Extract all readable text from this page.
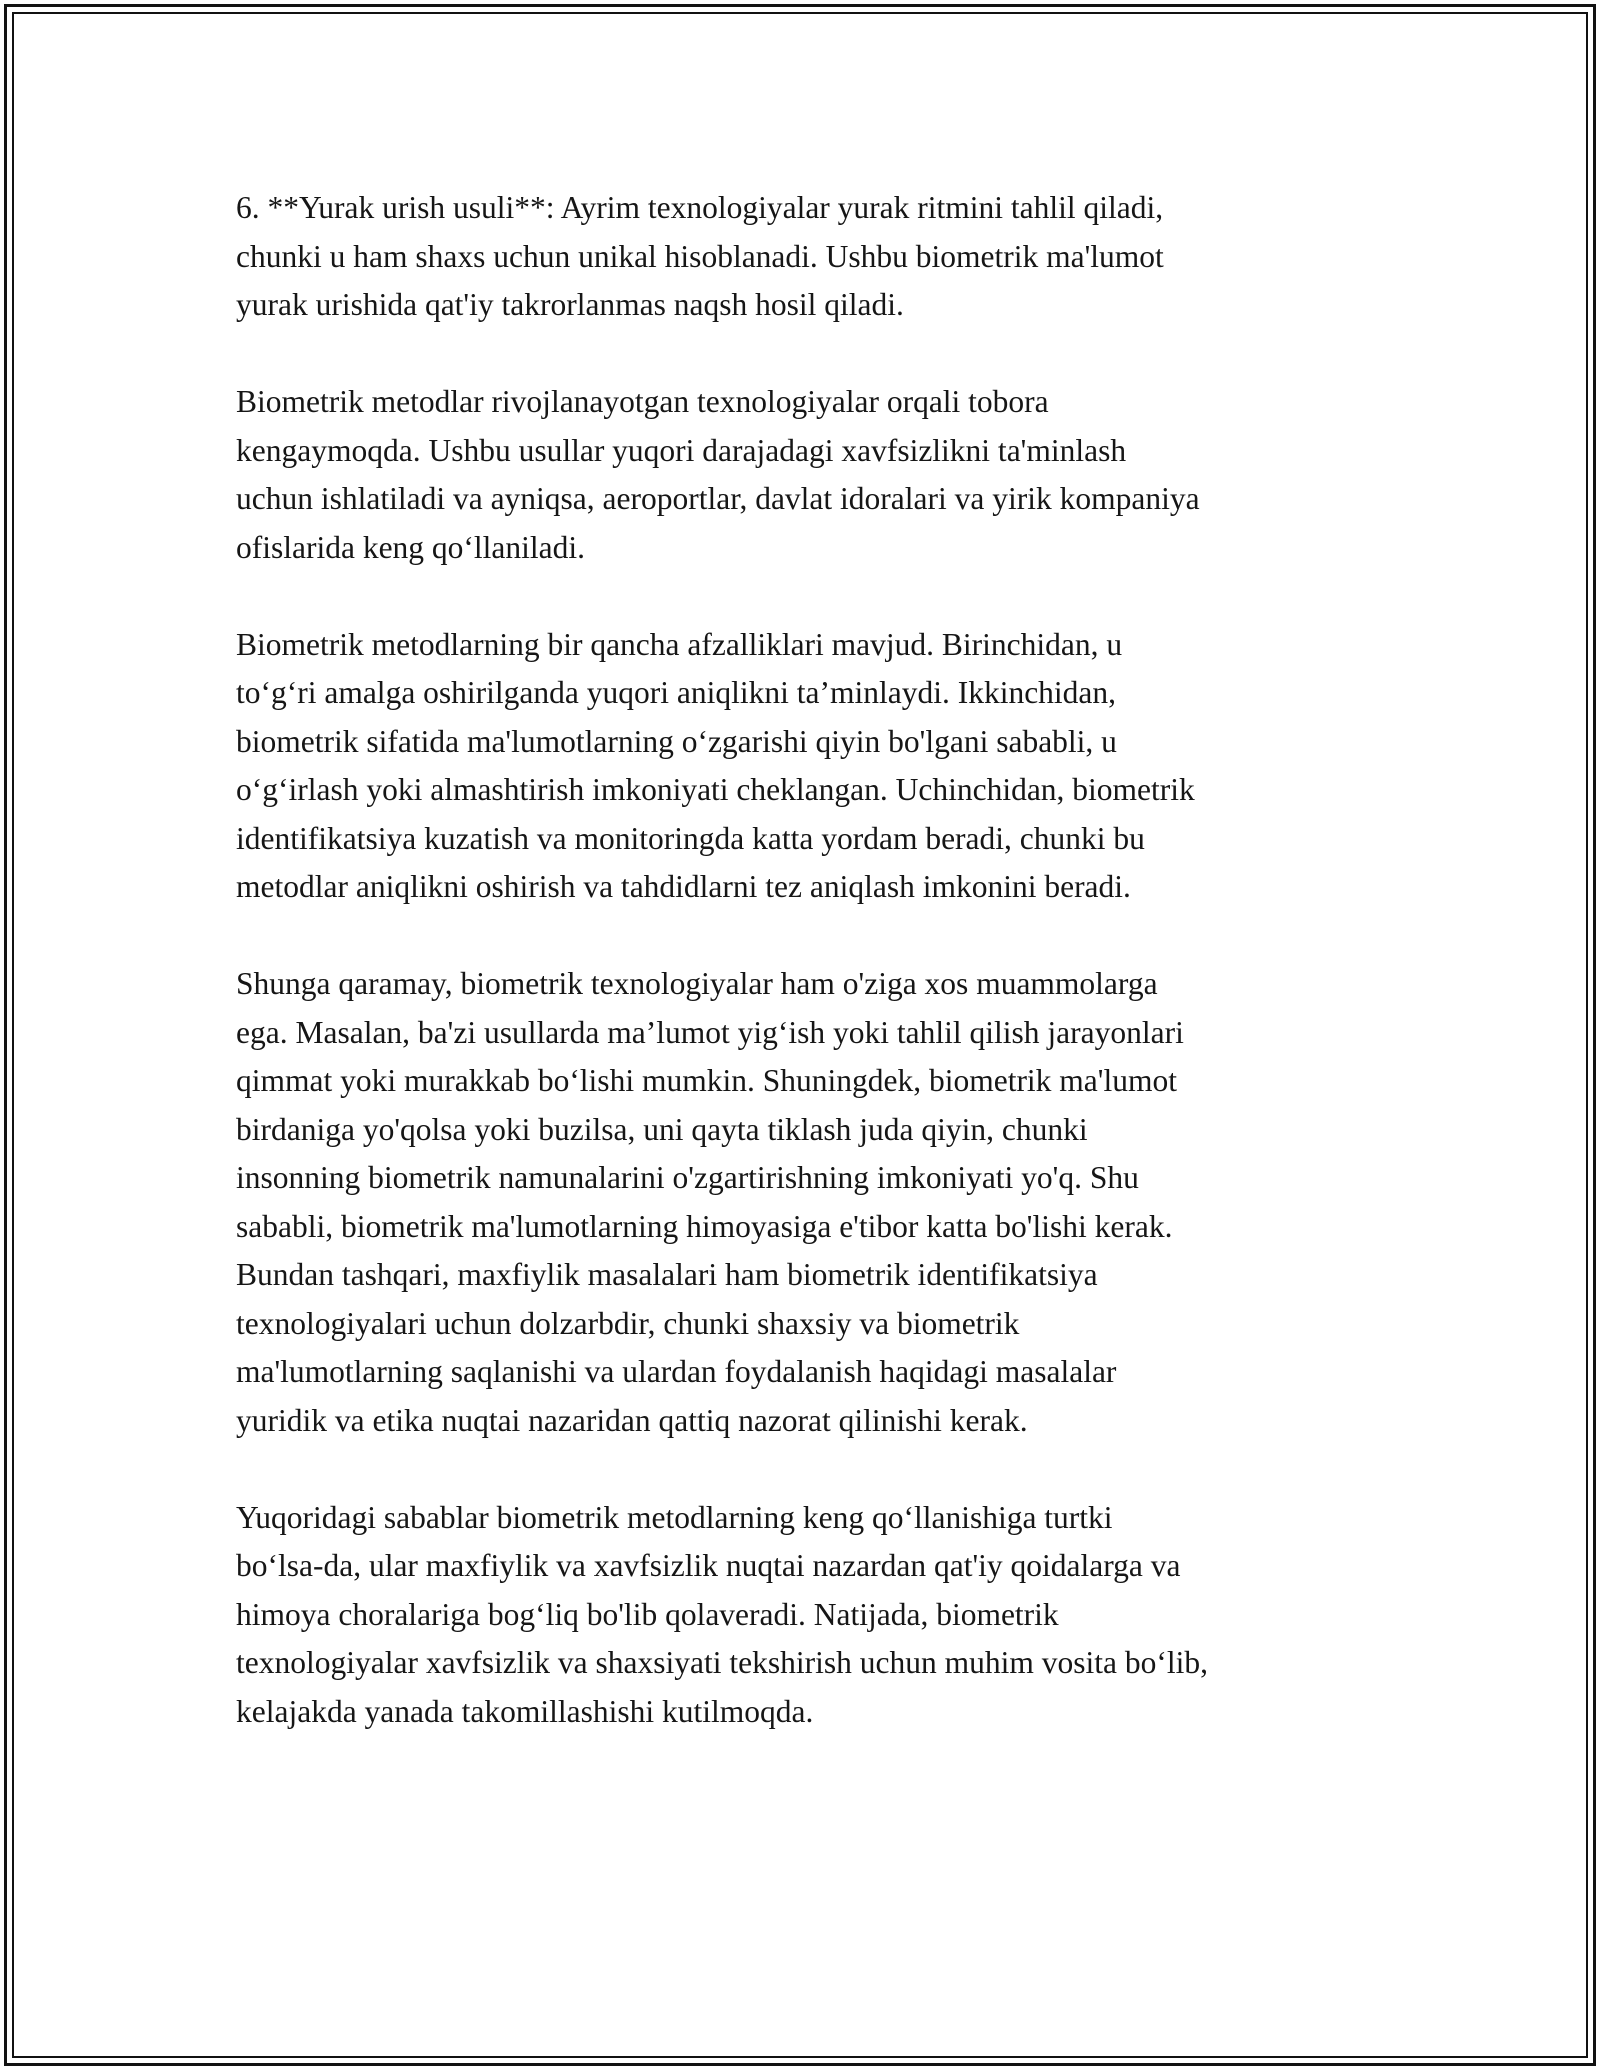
6. **Yurak urish usuli**: Ayrim texnologiyalar yurak ritmini tahlil qiladi,
chunki u ham shaxs uchun unikal hisoblanadi. Ushbu biometrik ma'lumot
yurak urishida qat'iy takrorlanmas naqsh hosil qiladi.

Biometrik metodlar rivojlanayotgan texnologiyalar orqali tobora
kengaymoqda. Ushbu usullar yuqori darajadagi xavfsizlikni ta'minlash
uchun ishlatiladi va ayniqsa, aeroportlar, davlat idoralari va yirik kompaniya
ofislarida keng qo‘llaniladi.

Biometrik metodlarning bir qancha afzalliklari mavjud. Birinchidan, u
to‘g‘ri amalga oshirilganda yuqori aniqlikni ta’minlaydi. Ikkinchidan,
biometrik sifatida ma'lumotlarning o‘zgarishi qiyin bo'lgani sababli, u
o‘g‘irlash yoki almashtirish imkoniyati cheklangan. Uchinchidan, biometrik
identifikatsiya kuzatish va monitoringda katta yordam beradi, chunki bu
metodlar aniqlikni oshirish va tahdidlarni tez aniqlash imkonini beradi.

Shunga qaramay, biometrik texnologiyalar ham o'ziga xos muammolarga
ega. Masalan, ba'zi usullarda ma’lumot yig‘ish yoki tahlil qilish jarayonlari
qimmat yoki murakkab bo‘lishi mumkin. Shuningdek, biometrik ma'lumot
birdaniga yo'qolsa yoki buzilsa, uni qayta tiklash juda qiyin, chunki
insonning biometrik namunalarini o'zgartirishning imkoniyati yo'q. Shu
sababli, biometrik ma'lumotlarning himoyasiga e'tibor katta bo'lishi kerak.
Bundan tashqari, maxfiylik masalalari ham biometrik identifikatsiya
texnologiyalari uchun dolzarbdir, chunki shaxsiy va biometrik
ma'lumotlarning saqlanishi va ulardan foydalanish haqidagi masalalar
yuridik va etika nuqtai nazaridan qattiq nazorat qilinishi kerak.

Yuqoridagi sabablar biometrik metodlarning keng qo‘llanishiga turtki
bo‘lsa-da, ular maxfiylik va xavfsizlik nuqtai nazardan qat'iy qoidalarga va
himoya choralariga bog‘liq bo'lib qolaveradi. Natijada, biometrik
texnologiyalar xavfsizlik va shaxsiyati tekshirish uchun muhim vosita bo‘lib,
kelajakda yanada takomillashishi kutilmoqda.
